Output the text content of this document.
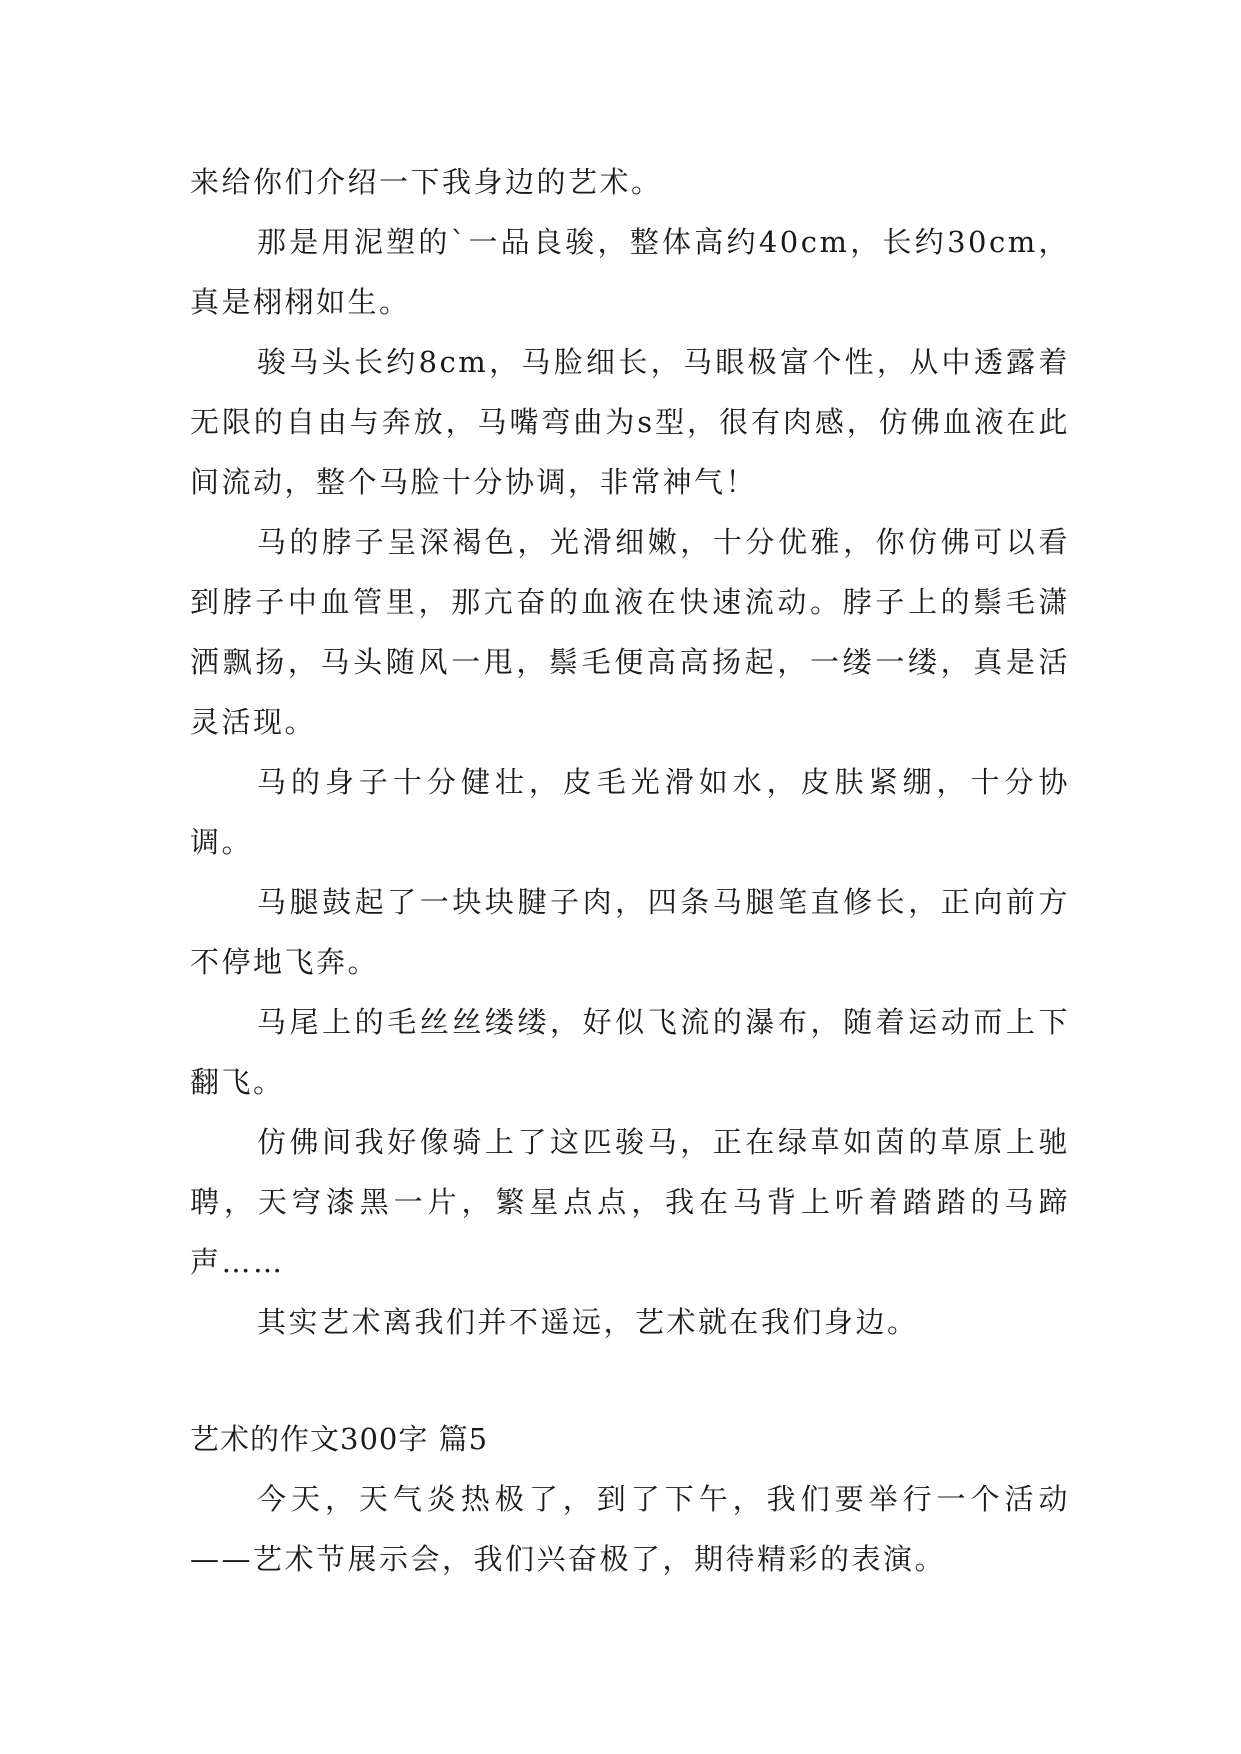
来给你们介绍一下我身边的艺术。

那是用泥塑的`一品良骏，整体高约40cm，长约30cm，真是栩栩如生。

骏马头长约8cm，马脸细长，马眼极富个性，从中透露着无限的自由与奔放，马嘴弯曲为s型，很有肉感，仿佛血液在此间流动，整个马脸十分协调，非常神气！

马的脖子呈深褐色，光滑细嫩，十分优雅，你仿佛可以看到脖子中血管里，那亢奋的血液在快速流动。脖子上的鬃毛潇洒飘扬，马头随风一甩，鬃毛便高高扬起，一缕一缕，真是活灵活现。

马的身子十分健壮，皮毛光滑如水，皮肤紧绷，十分协调。

马腿鼓起了一块块腱子肉，四条马腿笔直修长，正向前方不停地飞奔。

马尾上的毛丝丝缕缕，好似飞流的瀑布，随着运动而上下翻飞。

仿佛间我好像骑上了这匹骏马，正在绿草如茵的草原上驰聘，天穹漆黑一片，繁星点点，我在马背上听着踏踏的马蹄声……

其实艺术离我们并不遥远，艺术就在我们身边。

艺术的作文300字 篇5

今天，天气炎热极了，到了下午，我们要举行一个活动——艺术节展示会，我们兴奋极了，期待精彩的表演。
